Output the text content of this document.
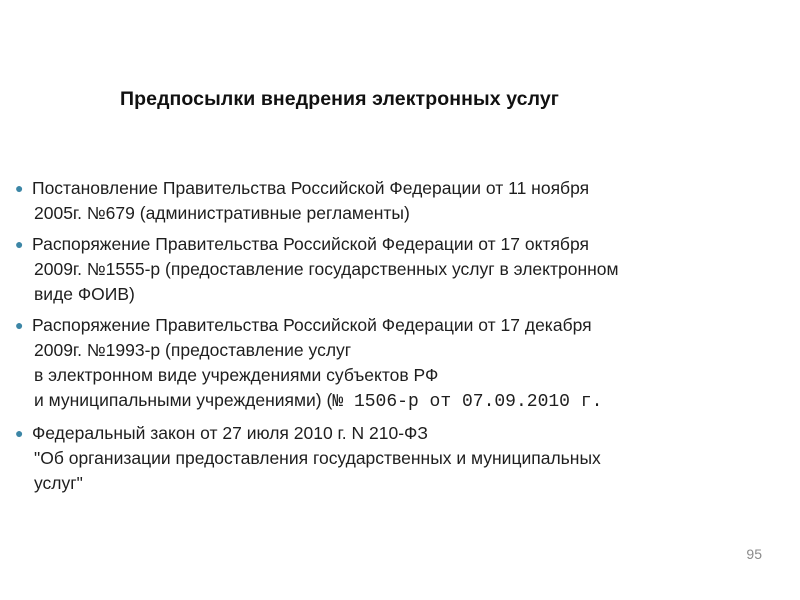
Предпосылки внедрения электронных услуг
● Постановление Правительства Российской Федерации от 11 ноября
2005г. №679 (административные регламенты)
● Распоряжение Правительства Российской Федерации от 17 октября
2009г. №1555-р (предоставление государственных услуг в электронном
виде ФОИВ)
● Распоряжение Правительства Российской Федерации от 17 декабря
2009г. №1993-р (предоставление услуг
в электронном виде учреждениями субъектов РФ
и муниципальными учреждениями) (№ 1506-р от 07.09.2010 г.
● Федеральный закон от 27 июля 2010 г. N 210-ФЗ
"Об организации предоставления государственных и муниципальных
услуг"
95
